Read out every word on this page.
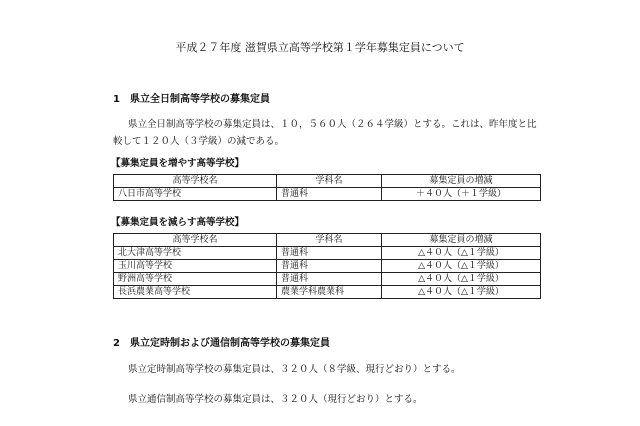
平成２７年度 滋賀県立高等学校第１学年募集定員について
1　県立全日制高等学校の募集定員
県立全日制高等学校の募集定員は、１０，５６０人（２６４学級）とする。これは、昨年度と比
較して１２０人（３学級）の減である。
【募集定員を増やす高等学校】
高等学校名	学科名	募集定員の増減
八日市高等学校	普通科	＋４０人（＋１学級）
【募集定員を減らす高等学校】
高等学校名	学科名	募集定員の増減
北大津高等学校	普通科	△４０人（△１学級）
玉川高等学校	普通科	△４０人（△１学級）
野洲高等学校	普通科	△４０人（△１学級）
長浜農業高等学校	農業学科農業科	△４０人（△１学級）
2　県立定時制および通信制高等学校の募集定員
県立定時制高等学校の募集定員は、３２０人（８学級、現行どおり）とする。
県立通信制高等学校の募集定員は、３２０人（現行どおり）とする。
